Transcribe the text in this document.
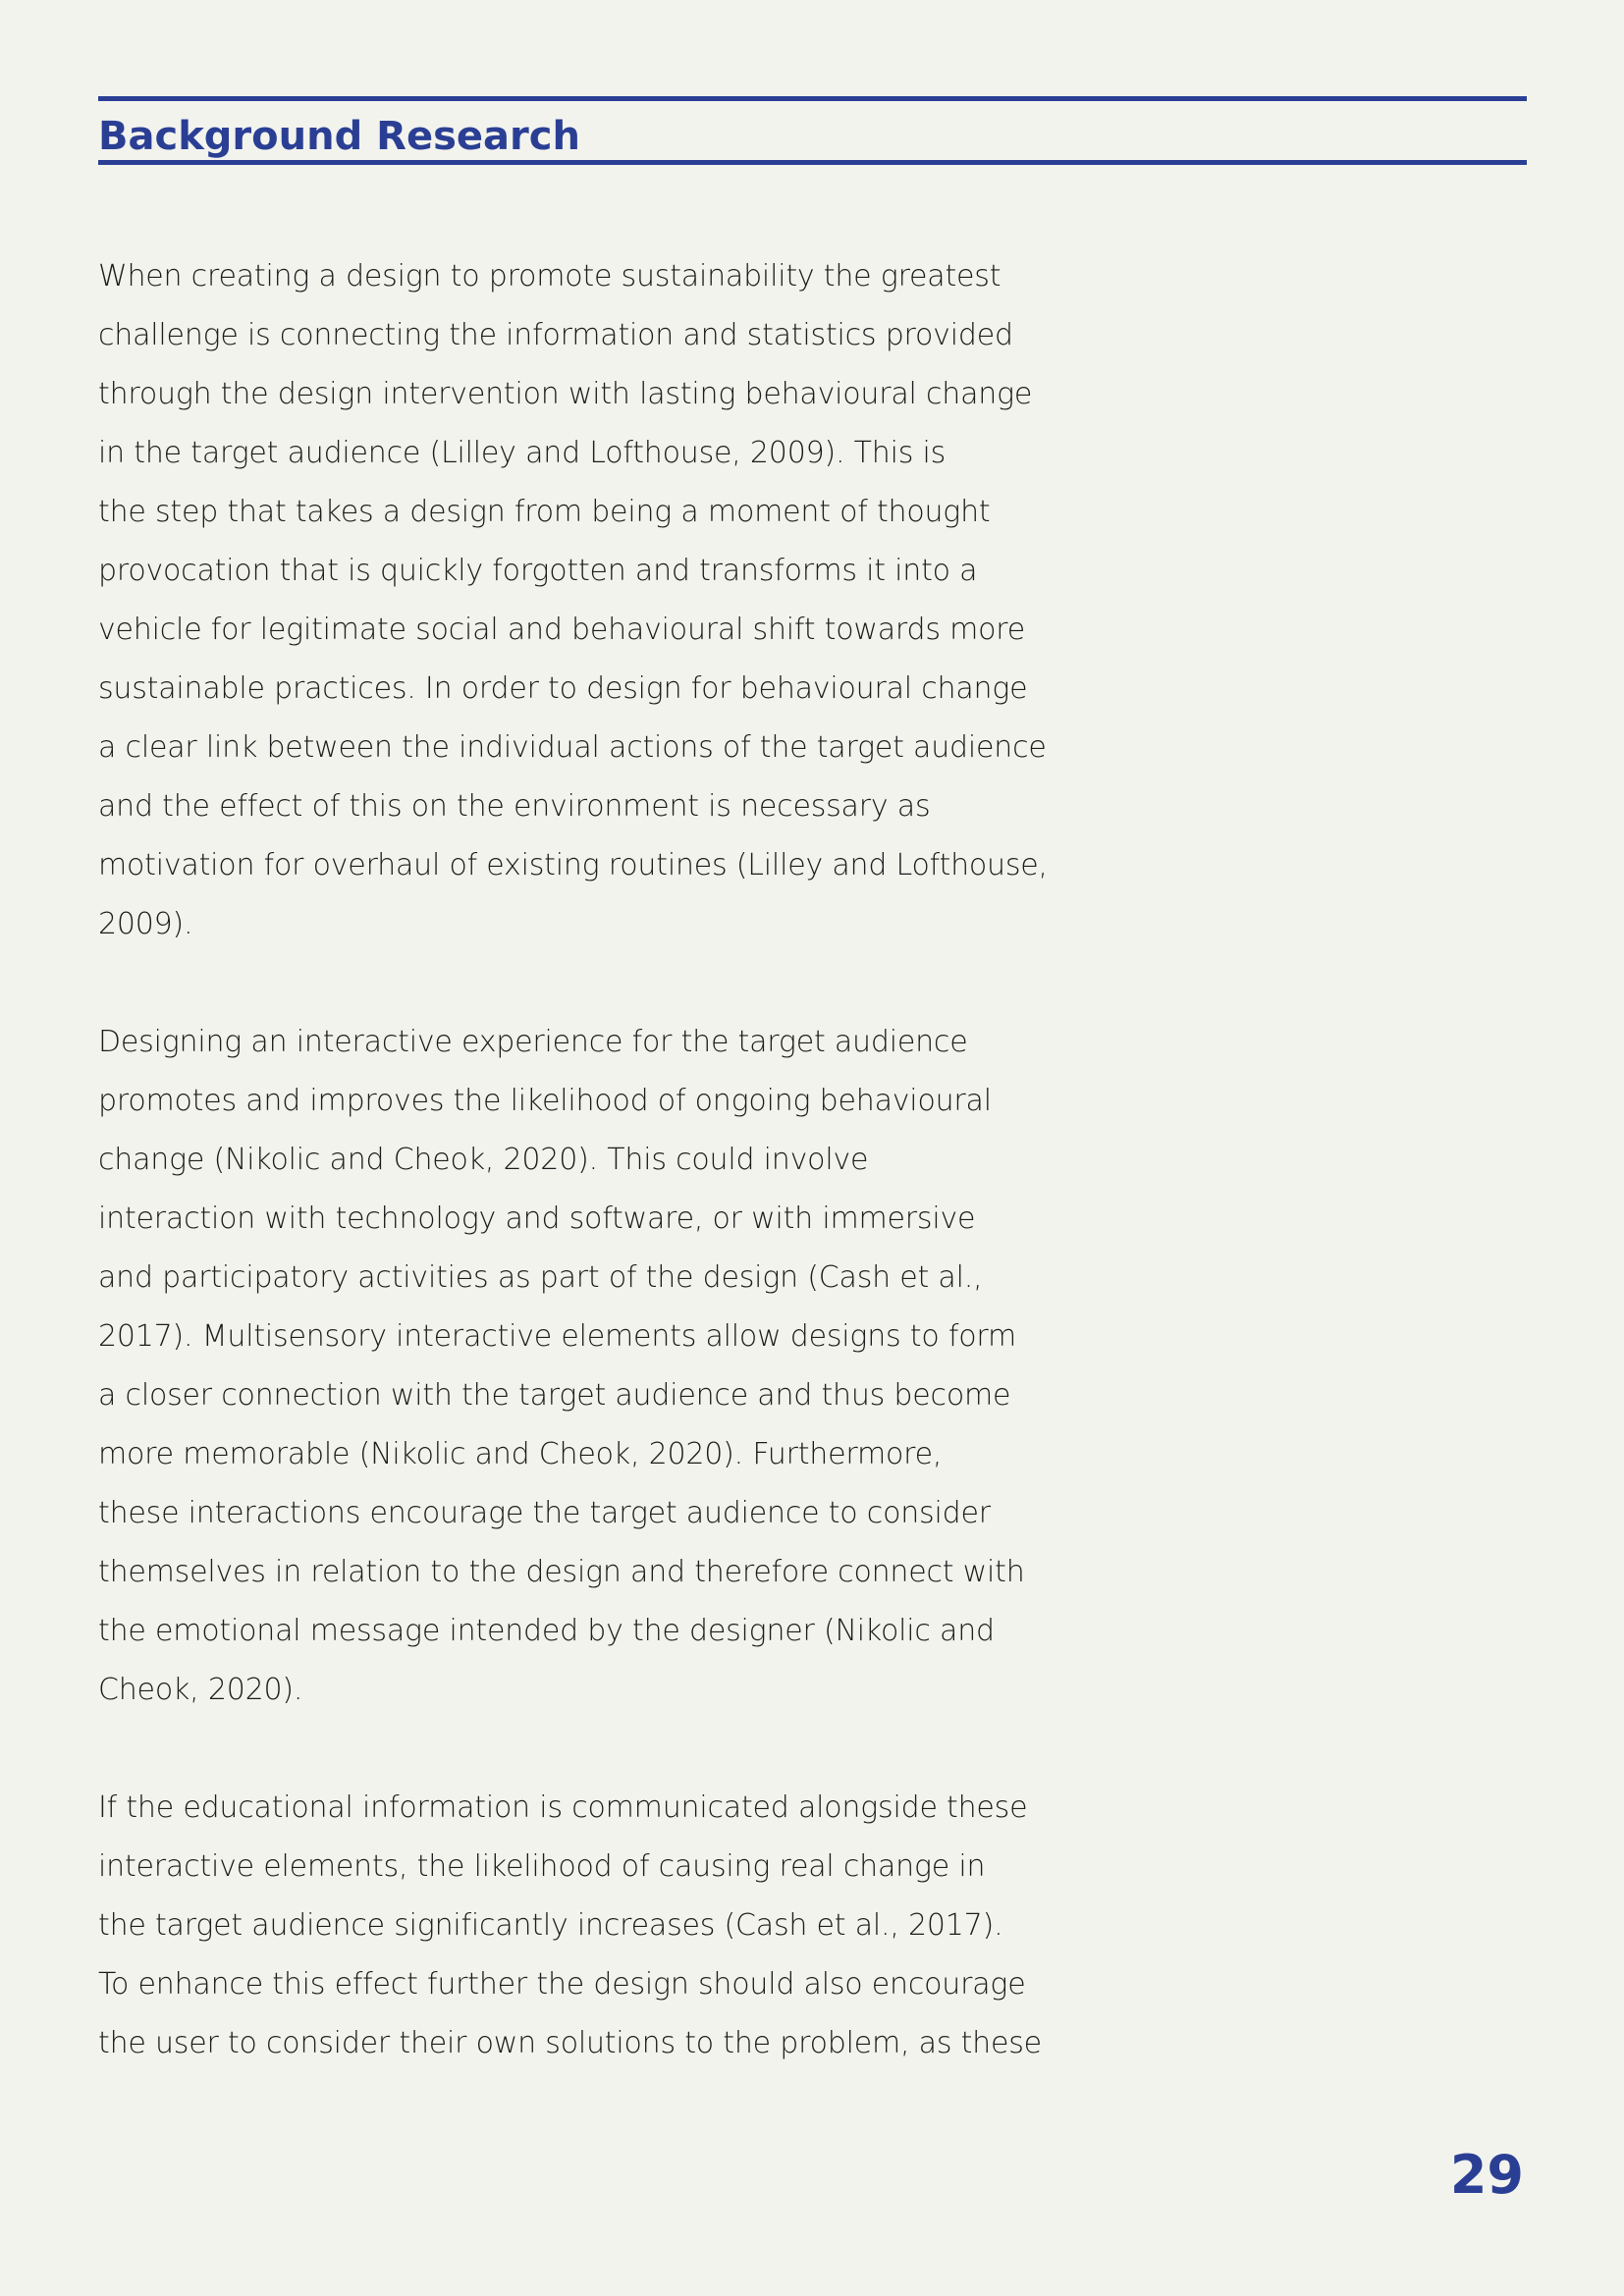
Background Research
When creating a design to promote sustainability the greatest
challenge is connecting the information and statistics provided
through the design intervention with lasting behavioural change
in the target audience (Lilley and Lofthouse, 2009). This is
the step that takes a design from being a moment of thought
provocation that is quickly forgotten and transforms it into a
vehicle for legitimate social and behavioural shift towards more
sustainable practices. In order to design for behavioural change
a clear link between the individual actions of the target audience
and the effect of this on the environment is necessary as
motivation for overhaul of existing routines (Lilley and Lofthouse,
2009).
Designing an interactive experience for the target audience
promotes and improves the likelihood of ongoing behavioural
change (Nikolic and Cheok, 2020). This could involve
interaction with technology and software, or with immersive
and participatory activities as part of the design (Cash et al.,
2017). Multisensory interactive elements allow designs to form
a closer connection with the target audience and thus become
more memorable (Nikolic and Cheok, 2020). Furthermore,
these interactions encourage the target audience to consider
themselves in relation to the design and therefore connect with
the emotional message intended by the designer (Nikolic and
Cheok, 2020).
If the educational information is communicated alongside these
interactive elements, the likelihood of causing real change in
the target audience significantly increases (Cash et al., 2017).
To enhance this effect further the design should also encourage
the user to consider their own solutions to the problem, as these
29
